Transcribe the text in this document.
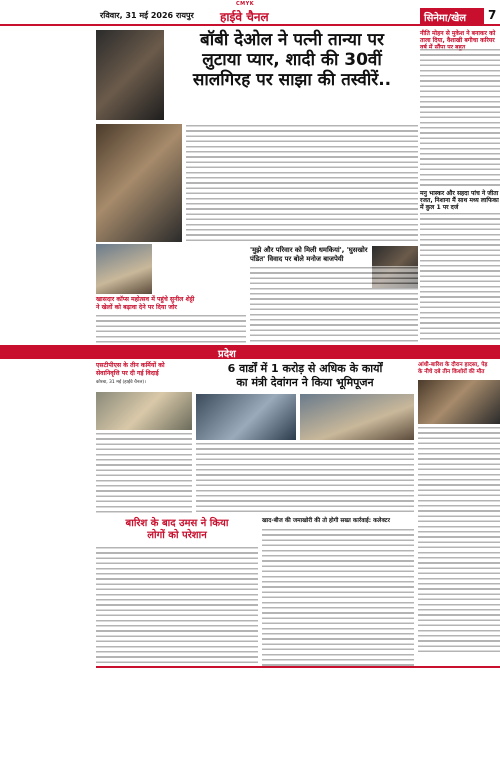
CMYK
रविवार, 31 मई 2026 रायपुर हाईवे चैनल	सिनेमा/खेल	7
बॉबी देओल ने पत्नी तान्या पर
लुटाया प्यार, शादी की 30वीं
सालगिरह पर साझा की तस्वीरें..
नीति मोहन से मुकेश ने बनाकर को ताला दिया, वैशाखी बगीचा करियर
मनु भास्कर और सहदा पांच ने जीता रजत, निशाना मैं साथ मध्य लाफिका में कुल 1 पर दर्ज
खासदार कॉप्स महोत्सव में पहुंचे सुनील शेट्टी
ने खेलों को बढ़ावा देने पर दिया जोर
'मुझे और परिवार को मिली धमकियां', 'घुसखोर
पंडित' विवाद पर बोले मनोज बाजपेयी
प्रदेश
एसटीपीएस के तीन कर्मियों को
सेवानिवृत्ति पर दी गई विदाई
कोरबा, 31 मई (हाईवे चैनल)।
6 वार्डों में 1 करोड़ से अधिक के कार्यों
का मंत्री देवांगन ने किया भूमिपूजन
आंधी-बारिश के दौरान हादसा, पेड़
के नीचे दबे तीन किशोरों की मौत
बारिश के बाद उमस ने किया
लोगों को परेशान
खाद-बीज की जमाखोरी की तो होगी सख्त कार्रवाई: कलेक्टर
